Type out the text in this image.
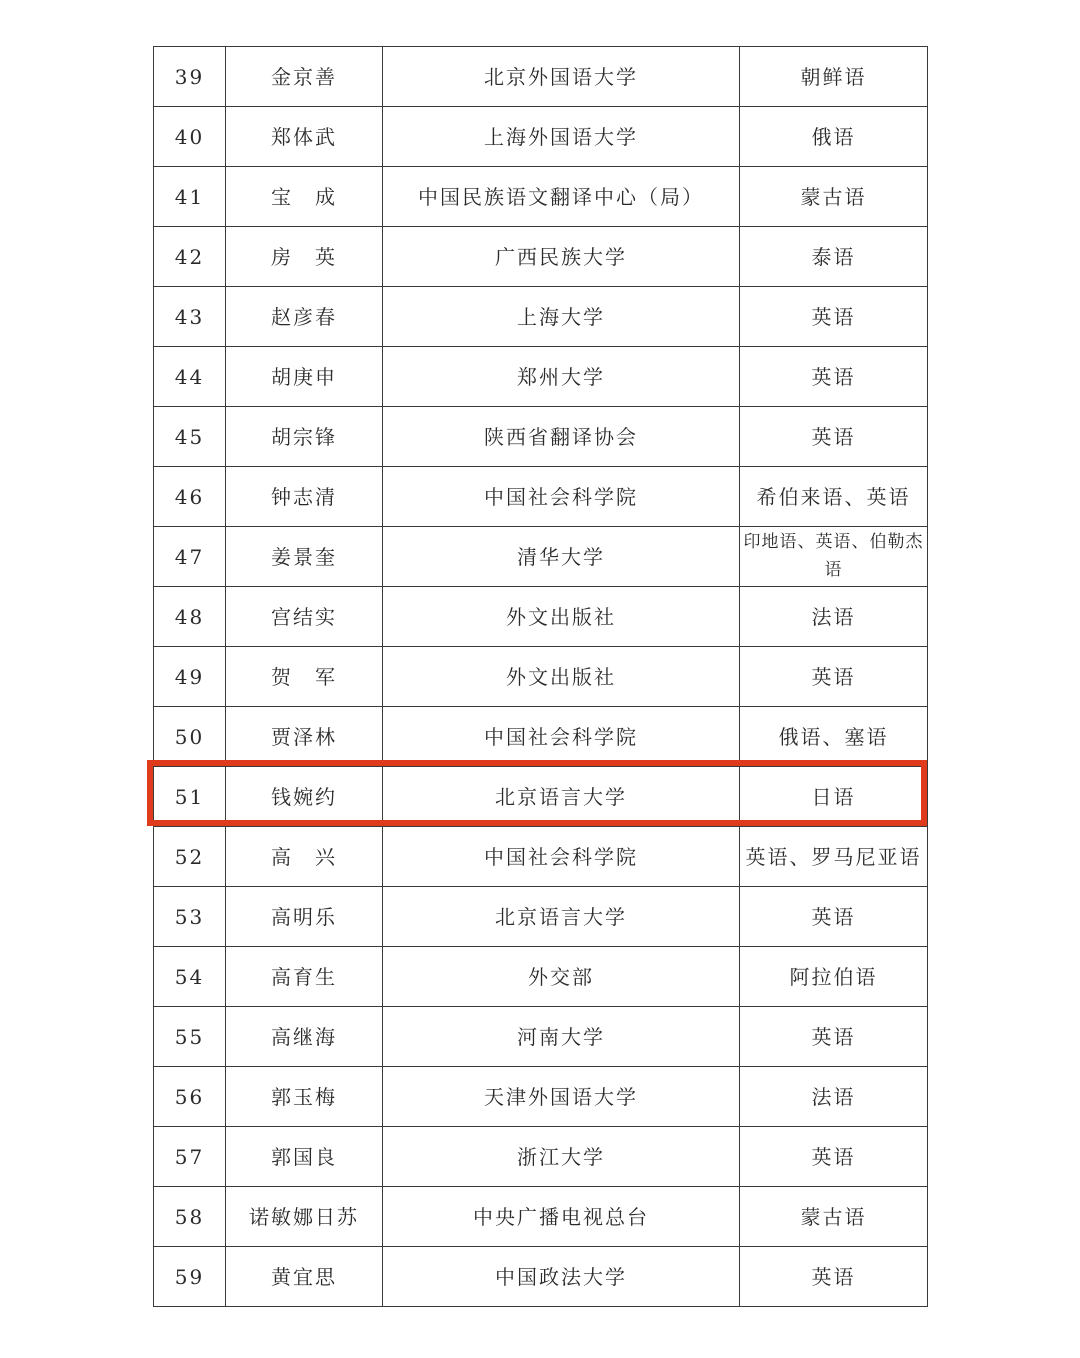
39	金京善	北京外国语大学	朝鲜语
40	郑体武	上海外国语大学	俄语
41	宝　成	中国民族语文翻译中心（局）	蒙古语
42	房　英	广西民族大学	泰语
43	赵彦春	上海大学	英语
44	胡庚申	郑州大学	英语
45	胡宗锋	陕西省翻译协会	英语
46	钟志清	中国社会科学院	希伯来语、英语
47	姜景奎	清华大学	印地语、英语、伯勒杰语
48	宫结实	外文出版社	法语
49	贺　军	外文出版社	英语
50	贾泽林	中国社会科学院	俄语、塞语
51	钱婉约	北京语言大学	日语
52	高　兴	中国社会科学院	英语、罗马尼亚语
53	高明乐	北京语言大学	英语
54	高育生	外交部	阿拉伯语
55	高继海	河南大学	英语
56	郭玉梅	天津外国语大学	法语
57	郭国良	浙江大学	英语
58	诺敏娜日苏	中央广播电视总台	蒙古语
59	黄宜思	中国政法大学	英语
